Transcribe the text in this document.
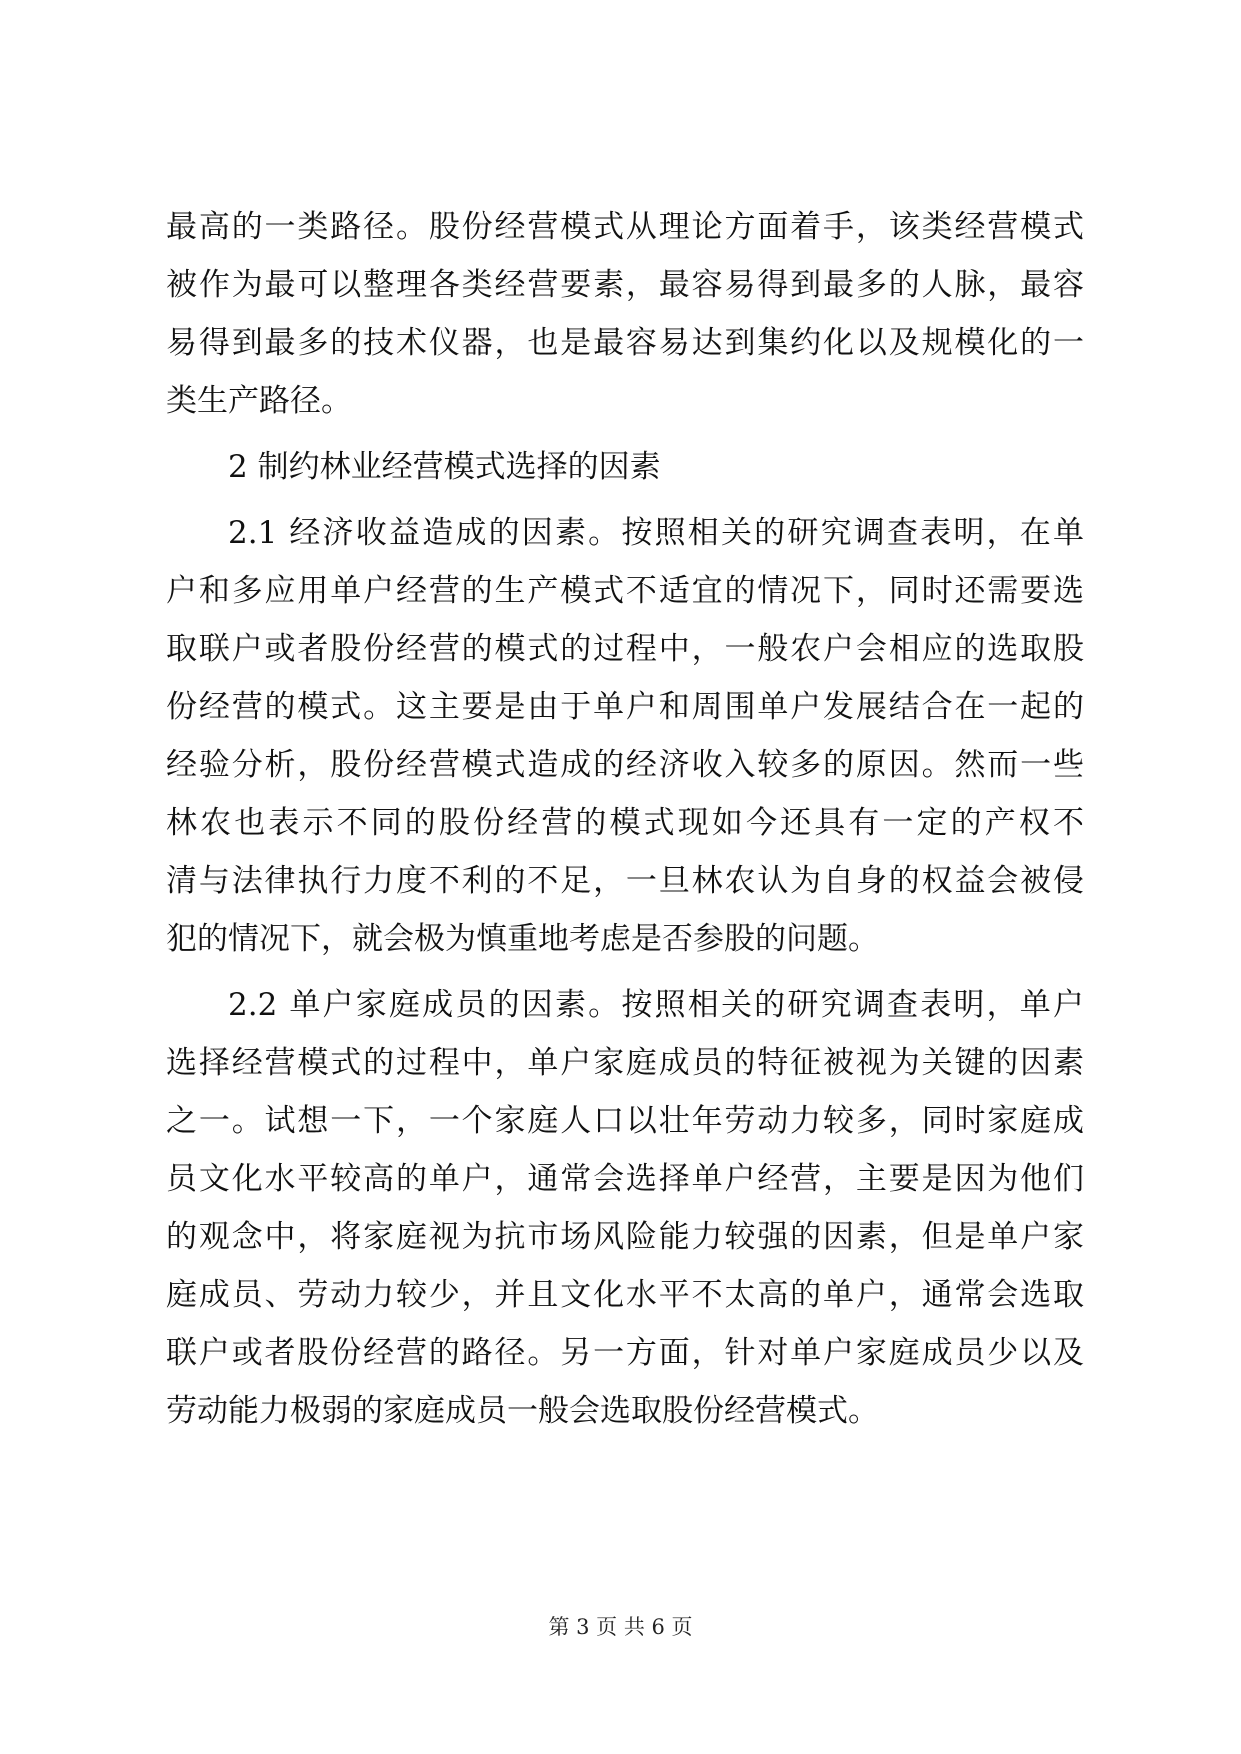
最高的一类路径。股份经营模式从理论方面着手，该类经营模式
被作为最可以整理各类经营要素，最容易得到最多的人脉，最容
易得到最多的技术仪器，也是最容易达到集约化以及规模化的一
类生产路径。
2 制约林业经营模式选择的因素
2.1 经济收益造成的因素。按照相关的研究调查表明，在单
户和多应用单户经营的生产模式不适宜的情况下，同时还需要选
取联户或者股份经营的模式的过程中，一般农户会相应的选取股
份经营的模式。这主要是由于单户和周围单户发展结合在一起的
经验分析，股份经营模式造成的经济收入较多的原因。然而一些
林农也表示不同的股份经营的模式现如今还具有一定的产权不
清与法律执行力度不利的不足，一旦林农认为自身的权益会被侵
犯的情况下，就会极为慎重地考虑是否参股的问题。
2.2 单户家庭成员的因素。按照相关的研究调查表明，单户
选择经营模式的过程中，单户家庭成员的特征被视为关键的因素
之一。试想一下，一个家庭人口以壮年劳动力较多，同时家庭成
员文化水平较高的单户，通常会选择单户经营，主要是因为他们
的观念中，将家庭视为抗市场风险能力较强的因素，但是单户家
庭成员、劳动力较少，并且文化水平不太高的单户，通常会选取
联户或者股份经营的路径。另一方面，针对单户家庭成员少以及
劳动能力极弱的家庭成员一般会选取股份经营模式。
第 3 页 共 6 页
